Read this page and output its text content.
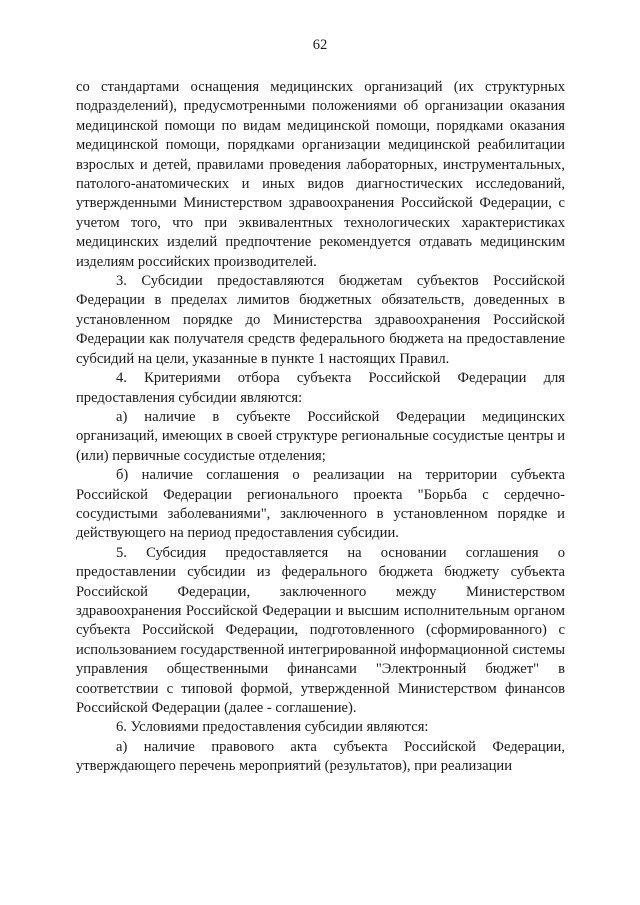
62

со стандартами оснащения медицинских организаций (их структурных подразделений), предусмотренными положениями об организации оказания медицинской помощи по видам медицинской помощи, порядками оказания медицинской помощи, порядками организации медицинской реабилитации взрослых и детей, правилами проведения лабораторных, инструментальных, патолого-анатомических и иных видов диагностических исследований, утвержденными Министерством здравоохранения Российской Федерации, с учетом того, что при эквивалентных технологических характеристиках медицинских изделий предпочтение рекомендуется отдавать медицинским изделиям российских производителей.

3. Субсидии предоставляются бюджетам субъектов Российской Федерации в пределах лимитов бюджетных обязательств, доведенных в установленном порядке до Министерства здравоохранения Российской Федерации как получателя средств федерального бюджета на предоставление субсидий на цели, указанные в пункте 1 настоящих Правил.

4. Критериями отбора субъекта Российской Федерации для предоставления субсидии являются:

а) наличие в субъекте Российской Федерации медицинских организаций, имеющих в своей структуре региональные сосудистые центры и (или) первичные сосудистые отделения;

б) наличие соглашения о реализации на территории субъекта Российской Федерации регионального проекта "Борьба с сердечно-сосудистыми заболеваниями", заключенного в установленном порядке и действующего на период предоставления субсидии.

5. Субсидия предоставляется на основании соглашения о предоставлении субсидии из федерального бюджета бюджету субъекта Российской Федерации, заключенного между Министерством здравоохранения Российской Федерации и высшим исполнительным органом субъекта Российской Федерации, подготовленного (сформированного) с использованием государственной интегрированной информационной системы управления общественными финансами "Электронный бюджет" в соответствии с типовой формой, утвержденной Министерством финансов Российской Федерации (далее - соглашение).

6. Условиями предоставления субсидии являются:

а) наличие правового акта субъекта Российской Федерации, утверждающего перечень мероприятий (результатов), при реализации
